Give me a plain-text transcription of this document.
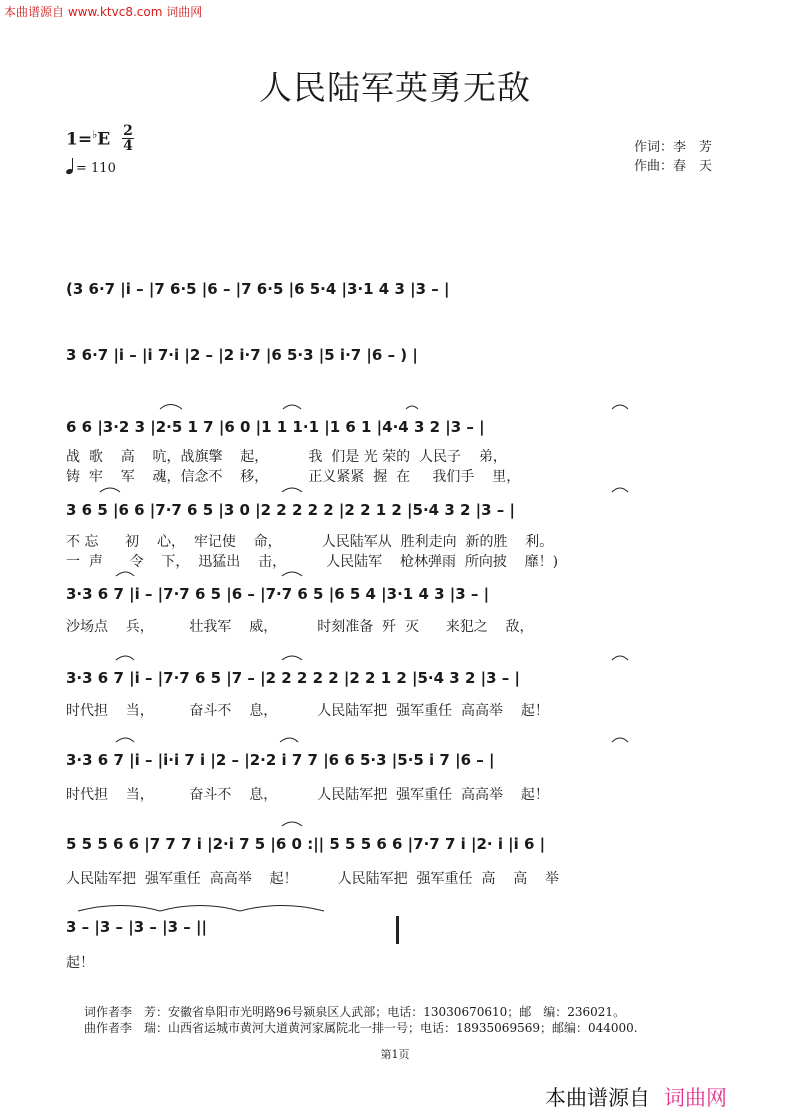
本曲谱源自 www.ktvc8.com 词曲网
人民陆军英勇无敌
1=♭E 2
4
= 110
作词：李　芳
作曲：春　天
(3 6·7 |i – |7 6·5 |6 – |7 6·5 |6 5·4 |3·1 4 3 |3 – |
3 6·7 |i – |i 7·i |2 – |2 i·7 |6 5·3 |5 i·7 |6 – ) |
6 6 |3·2 3 |2·5 1 7 |6 0 |1 1 1·1 |1 6 1 |4·4 3 2 |3 – |
3 6 5 |6 6 |7·7 6 5 |3 0 |2 2 2 2 2 |2 2 1 2 |5·4 3 2 |3 – |
3·3 6 7 |i – |7·7 6 5 |6 – |7·7 6 5 |6 5 4 |3·1 4 3 |3 – |
3·3 6 7 |i – |7·7 6 5 |7 – |2 2 2 2 2 |2 2 1 2 |5·4 3 2 |3 – |
3·3 6 7 |i – |i·i 7 i |2 – |2·2 i 7 7 |6 6 5·3 |5·5 i 7 |6 – |
5 5 5 6 6 |7 7 7 i |2·i 7 5 |6 0 :|| 5 5 5 6 6 |7·7 7 i |2· i |i 6 |
3 – |3 – |3 – |3 – ||
战  歌    高    吭，战旗擎    起，         我  们是 光 荣的  人民子    弟，
铸  牢    军    魂，信念不    移，         正义紧紧  握  在     我们手    里，
不 忘      初    心，  牢记使    命，         人民陆军从  胜利走向  新的胜    利。
一  声      令    下，  迅猛出    击，         人民陆军    枪林弹雨  所向披    靡！)
沙场点    兵，        壮我军    威，         时刻准备  歼  灭      来犯之    敌，
时代担    当，        奋斗不    息，         人民陆军把  强军重任  高高举    起！
时代担    当，        奋斗不    息，         人民陆军把  强军重任  高高举    起！
人民陆军把  强军重任  高高举    起！         人民陆军把  强军重任  高    高    举
起！
词作者李　芳：安徽省阜阳市光明路96号颍泉区人武部；电话：13030670610；邮　编：236021。
曲作者李　瑞：山西省运城市黄河大道黄河家属院北一排一号；电话：18935069569；邮编：044000.
第1页
本曲谱源自 词曲网
